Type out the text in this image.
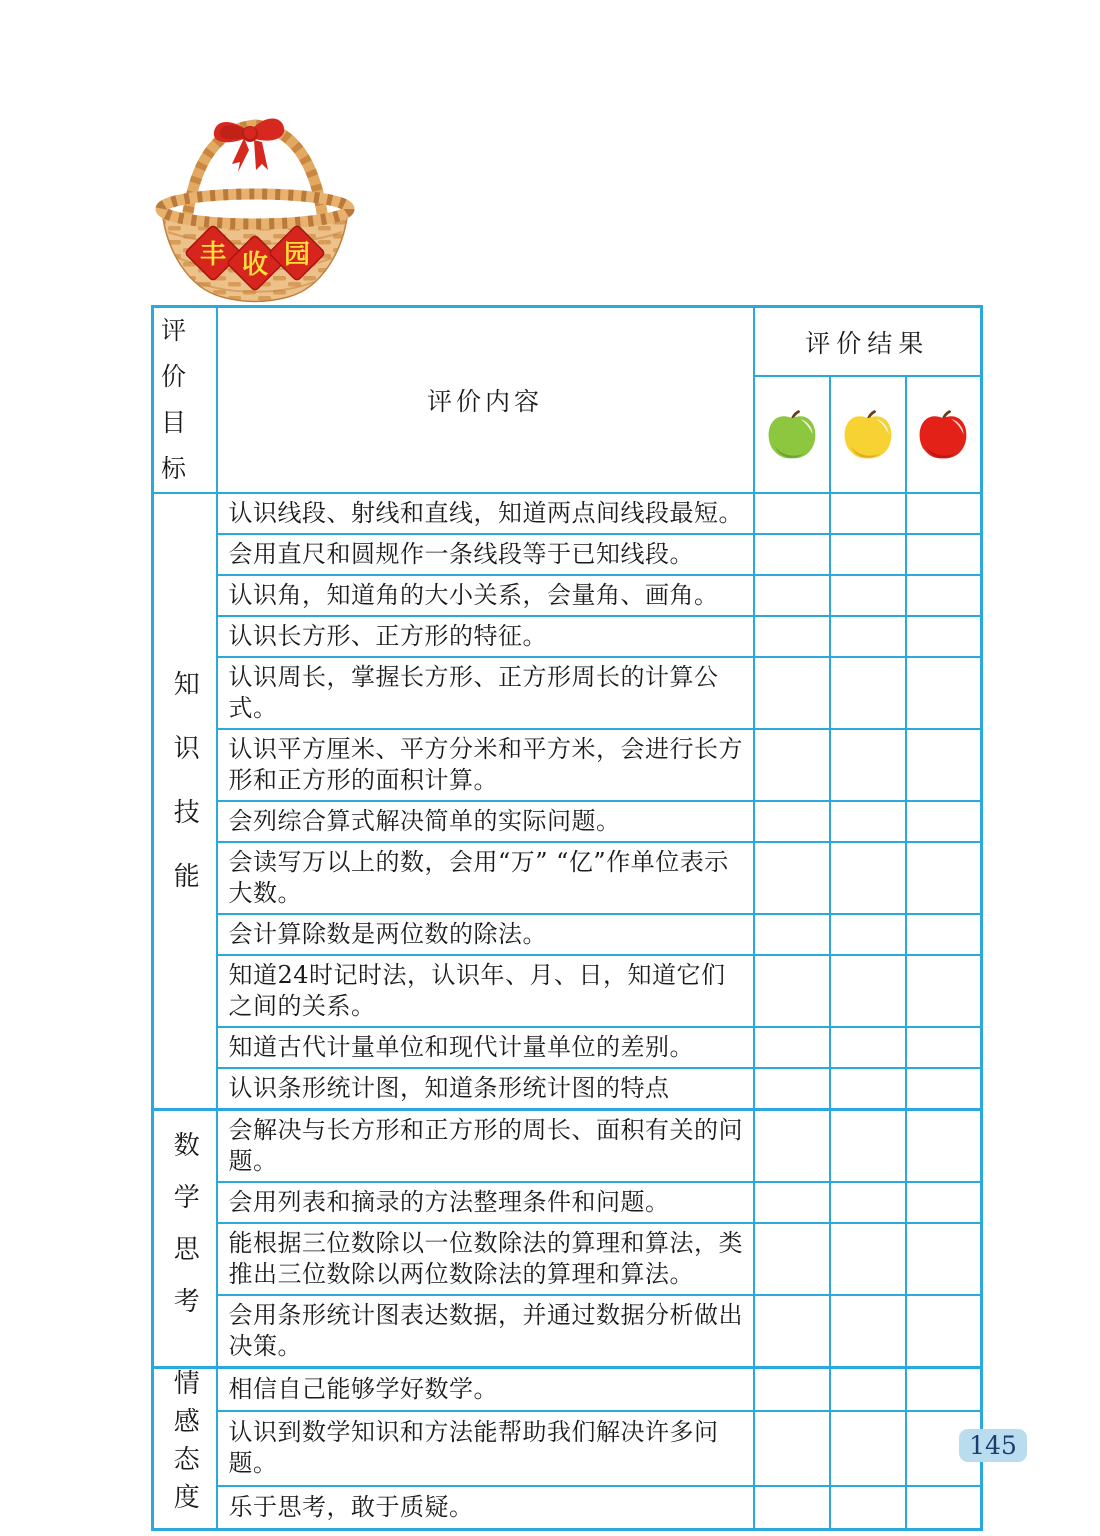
丰 收 园
评价
目标	评价内容	评价结果		

知识技能	认识线段、射线和直线，知道两点间线段最短。			
	会用直尺和圆规作一条线段等于已知线段。			
	认识角，知道角的大小关系，会量角、画角。			
	认识长方形、正方形的特征。			
	认识周长，掌握长方形、正方形周长的计算公式。			
	认识平方厘米、平方分米和平方米，会进行长方形和正方形的面积计算。			
	会列综合算式解决简单的实际问题。			
	会读写万以上的数，会用“万” “亿”作单位表示大数。			
	会计算除数是两位数的除法。			
	知道24时记时法，认识年、月、日，知道它们之间的关系。			
	知道古代计量单位和现代计量单位的差别。			
	认识条形统计图，知道条形统计图的特点			
数学思考	会解决与长方形和正方形的周长、面积有关的问题。			
	会用列表和摘录的方法整理条件和问题。			
	能根据三位数除以一位数除法的算理和算法，类推出三位数除以两位数除法的算理和算法。			
	会用条形统计图表达数据，并通过数据分析做出决策。			
情感态度	相信自己能够学好数学。			
	认识到数学知识和方法能帮助我们解决许多问题。			
	乐于思考，敢于质疑。			
145
